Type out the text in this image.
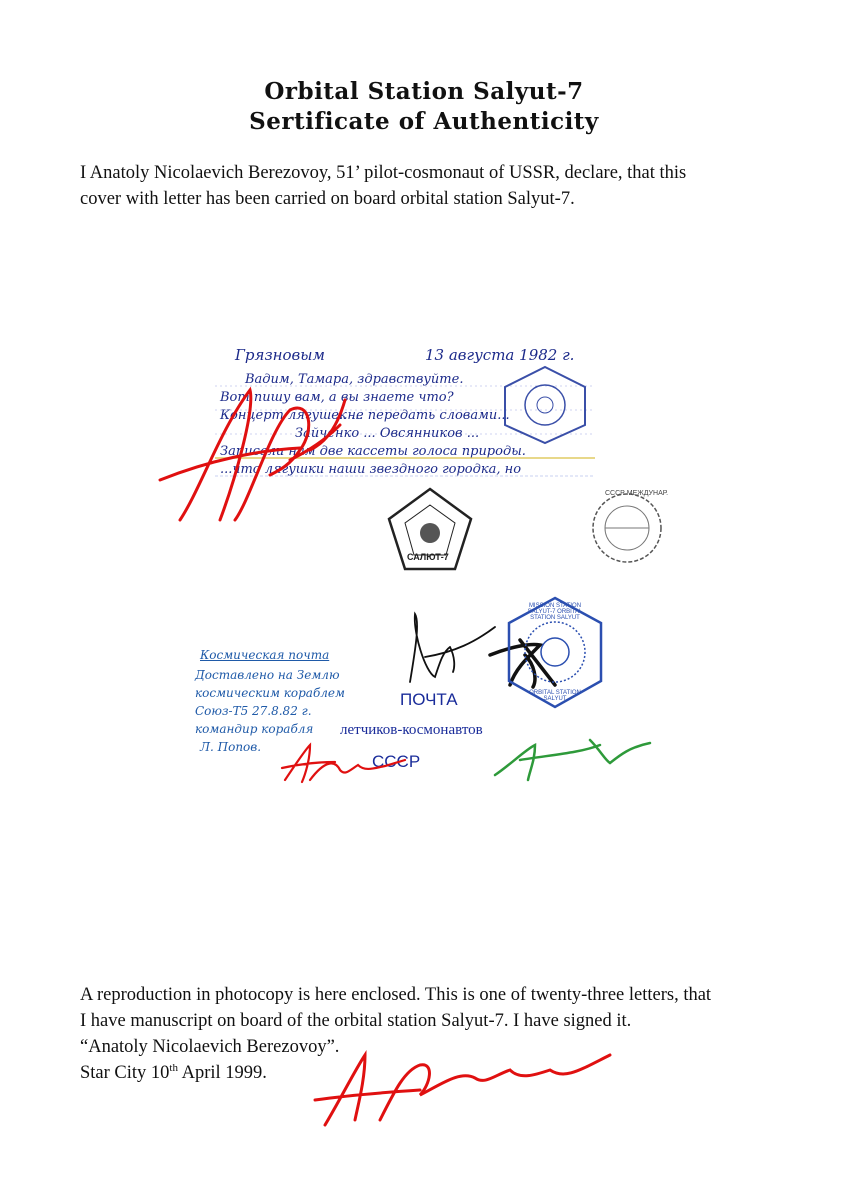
Orbital Station Salyut-7
Sertificate of Authenticity
I Anatoly Nicolaevich Berezovoy, 51’ pilot-cosmonaut of USSR, declare, that this
cover with letter has been carried on board orbital station Salyut-7.
Грязновым	13 августа 1982 г.
Вадим, Тамара, здравствуйте.
Вот пишу вам, а вы знаете что?
Концерт лягушек ...
...не передать словами...
Зайченко ... Овсянников ...
Записали нам две кассеты голоса природы.
...что лягушки наши звездного городка, но
САЛЮТ-7
СССР МЕЖДУНАР.
Космическая почта
Доставлено на Землю
космическим кораблем
Союз-Т5 27.8.82 г.
командир корабля
Л. Попов.
MISSION STATION SALYUT-7 ORBITAL STATION SALYUT
ORBITAL STATION SALYUT
ПОЧТА
летчиков-космонавтов
СССР
A reproduction in photocopy is here enclosed. This is one of twenty-three letters, that
I have manuscript on board of the orbital station Salyut-7. I have signed it.
“Anatoly Nicolaevich Berezovoy”.
Star City 10th April 1999.
